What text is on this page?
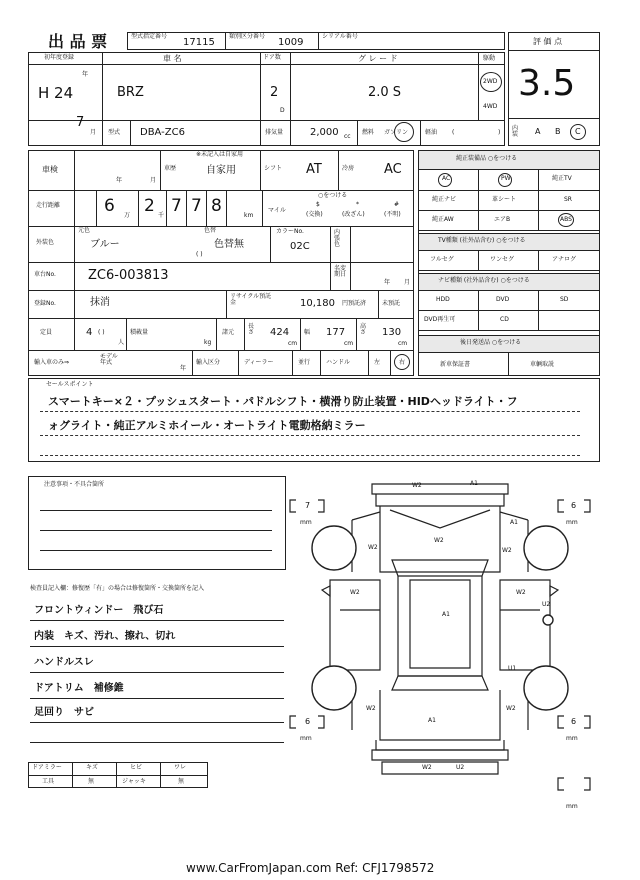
出 品 票	型式指定番号
17115
類別区分番号
1009
シリアル番号
評 価 点
3.5
内装	A B C
初年度登録
年
H 24
7
月
車 名
BRZ
ドア数
2
D
グ レ ー ド
2.0 S
駆動
2WD
4WD
型式 DBA-ZC6	排気量	2,000 cc
燃料 ガソリン	軽油 (	)
車検
年	月
車歴
※未記入は自家用
自家用	シフト AT	冷房 AC
走行距離	6 万 2 千 7 7 8	km
○をつける
マイル
$
(交換)
*
(改ざん)
#
(不明)
外装色
元色
ブルー
色替
色替無
( )
カラーNo.
02C
内張色
車台No. ZC6-003813	名変期日
年 月
登録No.	抹消
リサイクル預託金	10,180 円預託済	未預託
定員	4 ( )
人
積載量
kg
諸元
長さ 424
cm
幅 177
cm
高さ 130
cm
輸入車のみ⇒
モデル年式
年
輸入区分	ディーラー	並行	ハンドル	左	右
純正装備品 ○をつける
AC	PW	純正TV
純正ナビ	革シート	SR
純正AW	エアB	ABS
TV種類 (社外品含む) ○をつける
フルセグ	ワンセグ	アナログ
ナビ種類 (社外品含む) ○をつける
HDD	DVD	SD
DVD再生可	CD
後日発送品 ○をつける
新車保証書	車輌取説
セールスポイント
スマートキー×２・プッシュスタート・パドルシフト・横滑り防止装置・HIDヘッドライト・フ
ォグライト・純正アルミホイール・オートライト電動格納ミラー
注意事項・不具合箇所
検査員記入欄：修復歴「有」の場合は修復箇所・交換箇所を記入
フロントウィンドー　飛び石
内装　キズ、汚れ、擦れ、切れ
ハンドルスレ
ドアトリム　補修錐
足回り　サビ
ドアミラー	キズ	ヒビ	ワレ
工具	無	ジャッキ	無
7
mm
6
mm
6
mm
6
mm
mm
W2	A1
A1
W2
W2	W2
W2	W2
A1
U2
U1
W2	W2
A1
W2	U2
www.CarFromJapan.com Ref: CFJ1798572
